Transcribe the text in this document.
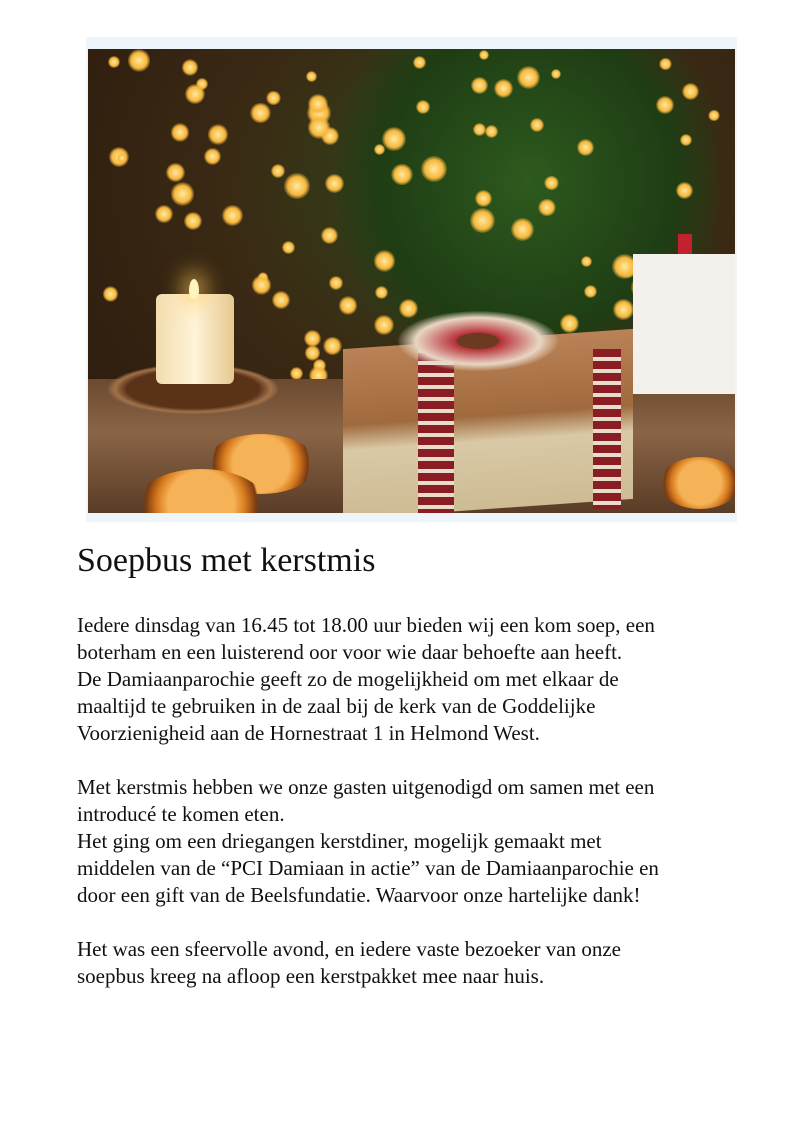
Soepbus met kerstmis

Iedere dinsdag van 16.45 tot 18.00 uur bieden wij een kom soep, een
boterham en een luisterend oor voor wie daar behoefte aan heeft.
De Damiaanparochie geeft zo de mogelijkheid om met elkaar de
maaltijd te gebruiken in de zaal bij de kerk van de Goddelijke
Voorzienigheid aan de Hornestraat 1 in Helmond West.

Met kerstmis hebben we onze gasten uitgenodigd om samen met een
introducé te komen eten.
Het ging om een driegangen kerstdiner, mogelijk gemaakt met
middelen van de “PCI Damiaan in actie” van de Damiaanparochie en
door een gift van de Beelsfundatie. Waarvoor onze hartelijke dank!

Het was een sfeervolle avond, en iedere vaste bezoeker van onze
soepbus kreeg na afloop een kerstpakket mee naar huis.
